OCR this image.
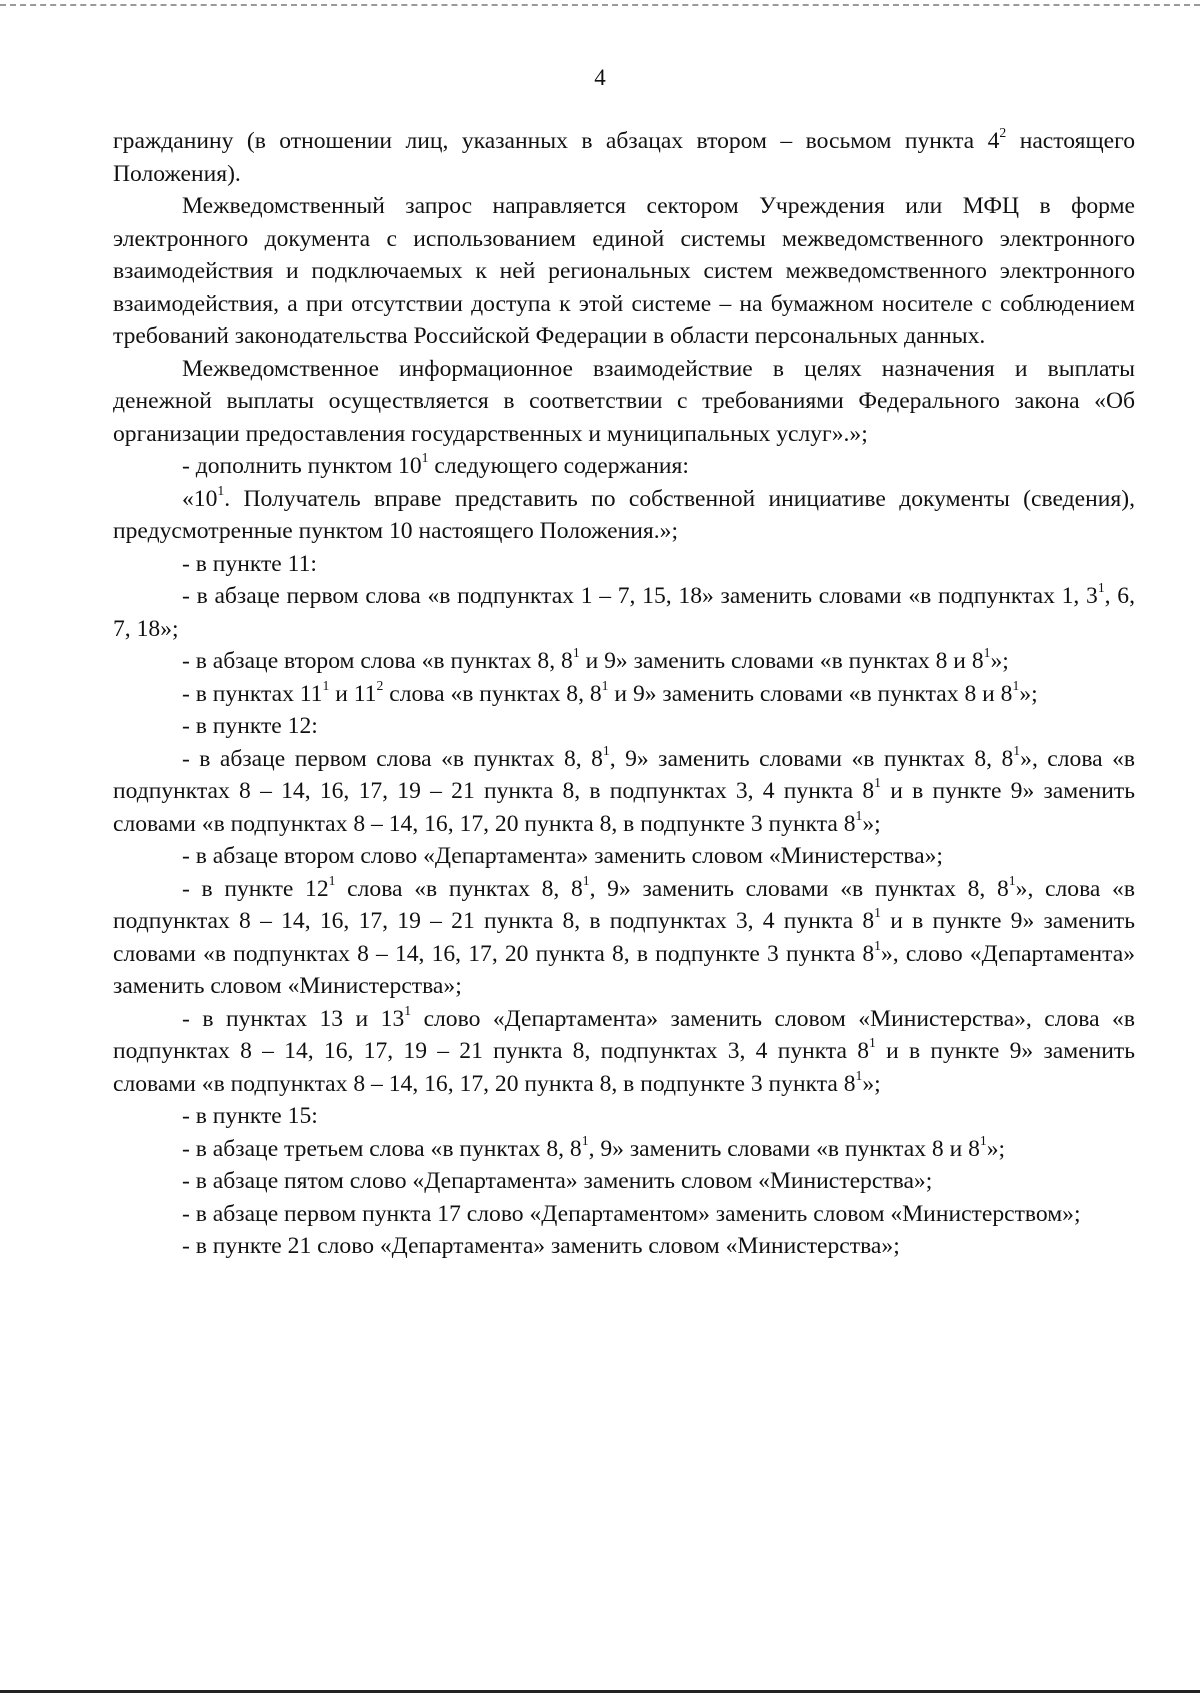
4

гражданину (в отношении лиц, указанных в абзацах втором – восьмом пункта $4^2$ настоящего Положения).

Межведомственный запрос направляется сектором Учреждения или МФЦ в форме электронного документа с использованием единой системы межведомственного электронного взаимодействия и подключаемых к ней региональных систем межведомственного электронного взаимодействия, а при отсутствии доступа к этой системе – на бумажном носителе с соблюдением требований законодательства Российской Федерации в области персональных данных.

Межведомственное информационное взаимодействие в целях назначения и выплаты денежной выплаты осуществляется в соответствии с требованиями Федерального закона «Об организации предоставления государственных и муниципальных услуг».»;

- дополнить пунктом $10^1$ следующего содержания:

«$10^1$. Получатель вправе представить по собственной инициативе документы (сведения), предусмотренные пунктом 10 настоящего Положения.»;

- в пункте 11:

- в абзаце первом слова «в подпунктах 1 – 7, 15, 18» заменить словами «в подпунктах 1, $3^1$, 6, 7, 18»;

- в абзаце втором слова «в пунктах 8, $8^1$ и 9» заменить словами «в пунктах 8 и $8^1$»;

- в пунктах $11^1$ и $11^2$ слова «в пунктах 8, $8^1$ и 9» заменить словами «в пунктах 8 и $8^1$»;

- в пункте 12:

- в абзаце первом слова «в пунктах 8, $8^1$, 9» заменить словами «в пунктах 8, $8^1$», слова «в подпунктах 8 – 14, 16, 17, 19 – 21 пункта 8, в подпунктах 3, 4 пункта $8^1$ и в пункте 9» заменить словами «в подпунктах 8 – 14, 16, 17, 20 пункта 8, в подпункте 3 пункта $8^1$»;

- в абзаце втором слово «Департамента» заменить словом «Министерства»;

- в пункте $12^1$ слова «в пунктах 8, $8^1$, 9» заменить словами «в пунктах 8, $8^1$», слова «в подпунктах 8 – 14, 16, 17, 19 – 21 пункта 8, в подпунктах 3, 4 пункта $8^1$ и в пункте 9» заменить словами «в подпунктах 8 – 14, 16, 17, 20 пункта 8, в подпункте 3 пункта $8^1$», слово «Департамента» заменить словом «Министерства»;

- в пунктах 13 и $13^1$ слово «Департамента» заменить словом «Министерства», слова «в подпунктах 8 – 14, 16, 17, 19 – 21 пункта 8, подпунктах 3, 4 пункта $8^1$ и в пункте 9» заменить словами «в подпунктах 8 – 14, 16, 17, 20 пункта 8, в подпункте 3 пункта $8^1$»;

- в пункте 15:

- в абзаце третьем слова «в пунктах 8, $8^1$, 9» заменить словами «в пунктах 8 и $8^1$»;

- в абзаце пятом слово «Департамента» заменить словом «Министерства»;

- в абзаце первом пункта 17 слово «Департаментом» заменить словом «Министерством»;

- в пункте 21 слово «Департамента» заменить словом «Министерства»;
